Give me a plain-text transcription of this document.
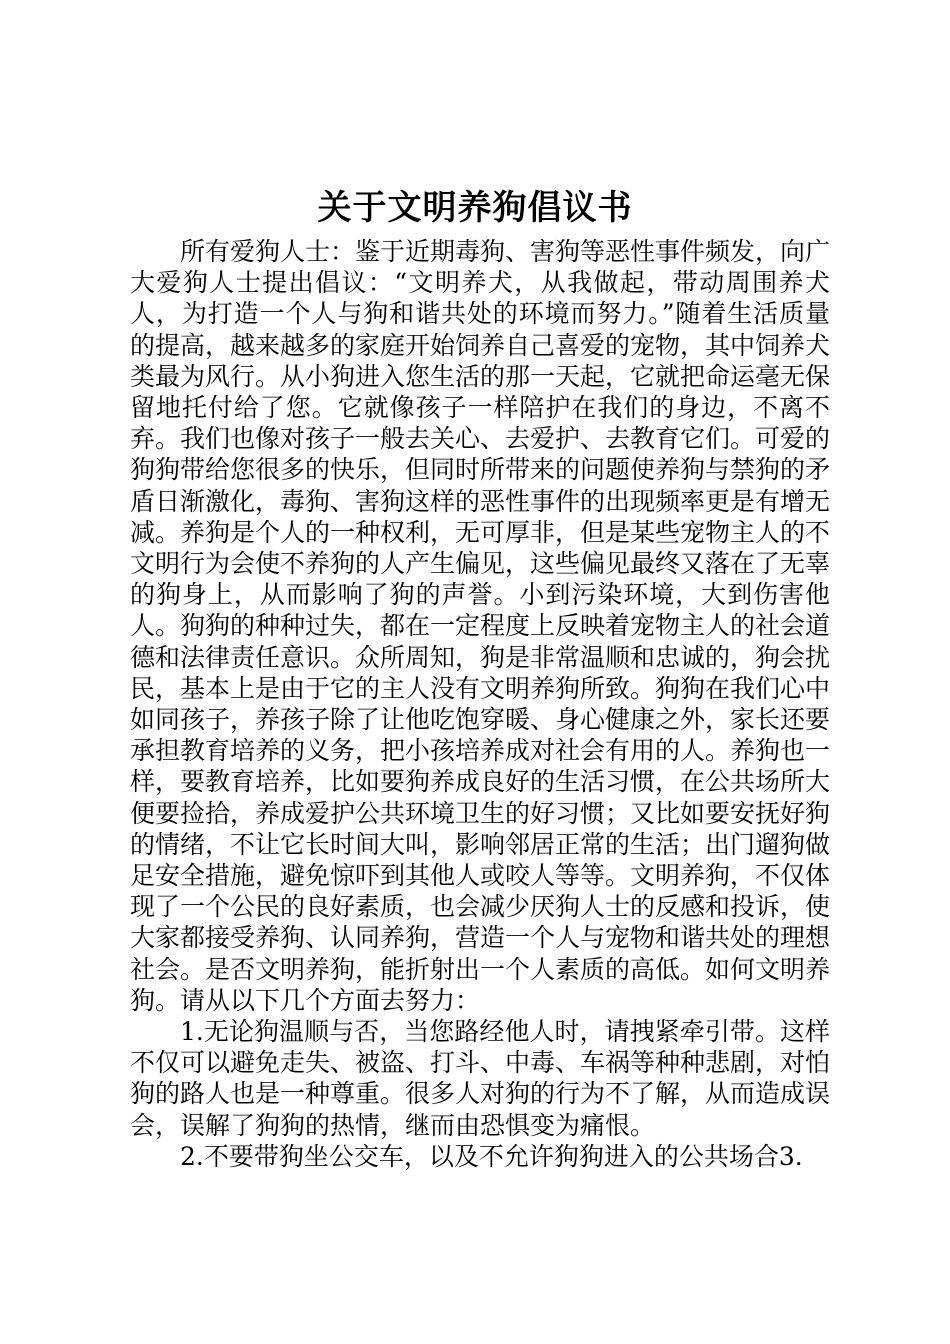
关于文明养狗倡议书

所有爱狗人士：鉴于近期毒狗、害狗等恶性事件频发，向广大爱狗人士提出倡议：“文明养犬，从我做起，带动周围养犬人，为打造一个人与狗和谐共处的环境而努力。”随着生活质量的提高，越来越多的家庭开始饲养自己喜爱的宠物，其中饲养犬类最为风行。从小狗进入您生活的那一天起，它就把命运毫无保留地托付给了您。它就像孩子一样陪护在我们的身边，不离不弃。我们也像对孩子一般去关心、去爱护、去教育它们。可爱的狗狗带给您很多的快乐，但同时所带来的问题使养狗与禁狗的矛盾日渐激化，毒狗、害狗这样的恶性事件的出现频率更是有增无减。养狗是个人的一种权利，无可厚非，但是某些宠物主人的不文明行为会使不养狗的人产生偏见，这些偏见最终又落在了无辜的狗身上，从而影响了狗的声誉。小到污染环境，大到伤害他人。狗狗的种种过失，都在一定程度上反映着宠物主人的社会道德和法律责任意识。众所周知，狗是非常温顺和忠诚的，狗会扰民，基本上是由于它的主人没有文明养狗所致。狗狗在我们心中如同孩子，养孩子除了让他吃饱穿暖、身心健康之外，家长还要承担教育培养的义务，把小孩培养成对社会有用的人。养狗也一样，要教育培养，比如要狗养成良好的生活习惯，在公共场所大便要捡拾，养成爱护公共环境卫生的好习惯；又比如要安抚好狗的情绪，不让它长时间大叫，影响邻居正常的生活；出门遛狗做足安全措施，避免惊吓到其他人或咬人等等。文明养狗，不仅体现了一个公民的良好素质，也会减少厌狗人士的反感和投诉，使大家都接受养狗、认同养狗，营造一个人与宠物和谐共处的理想社会。是否文明养狗，能折射出一个人素质的高低。如何文明养狗。请从以下几个方面去努力：

1.无论狗温顺与否，当您路经他人时，请拽紧牵引带。这样不仅可以避免走失、被盗、打斗、中毒、车祸等种种悲剧，对怕狗的路人也是一种尊重。很多人对狗的行为不了解，从而造成误会，误解了狗狗的热情，继而由恐惧变为痛恨。

2.不要带狗坐公交车，以及不允许狗狗进入的公共场合3.
